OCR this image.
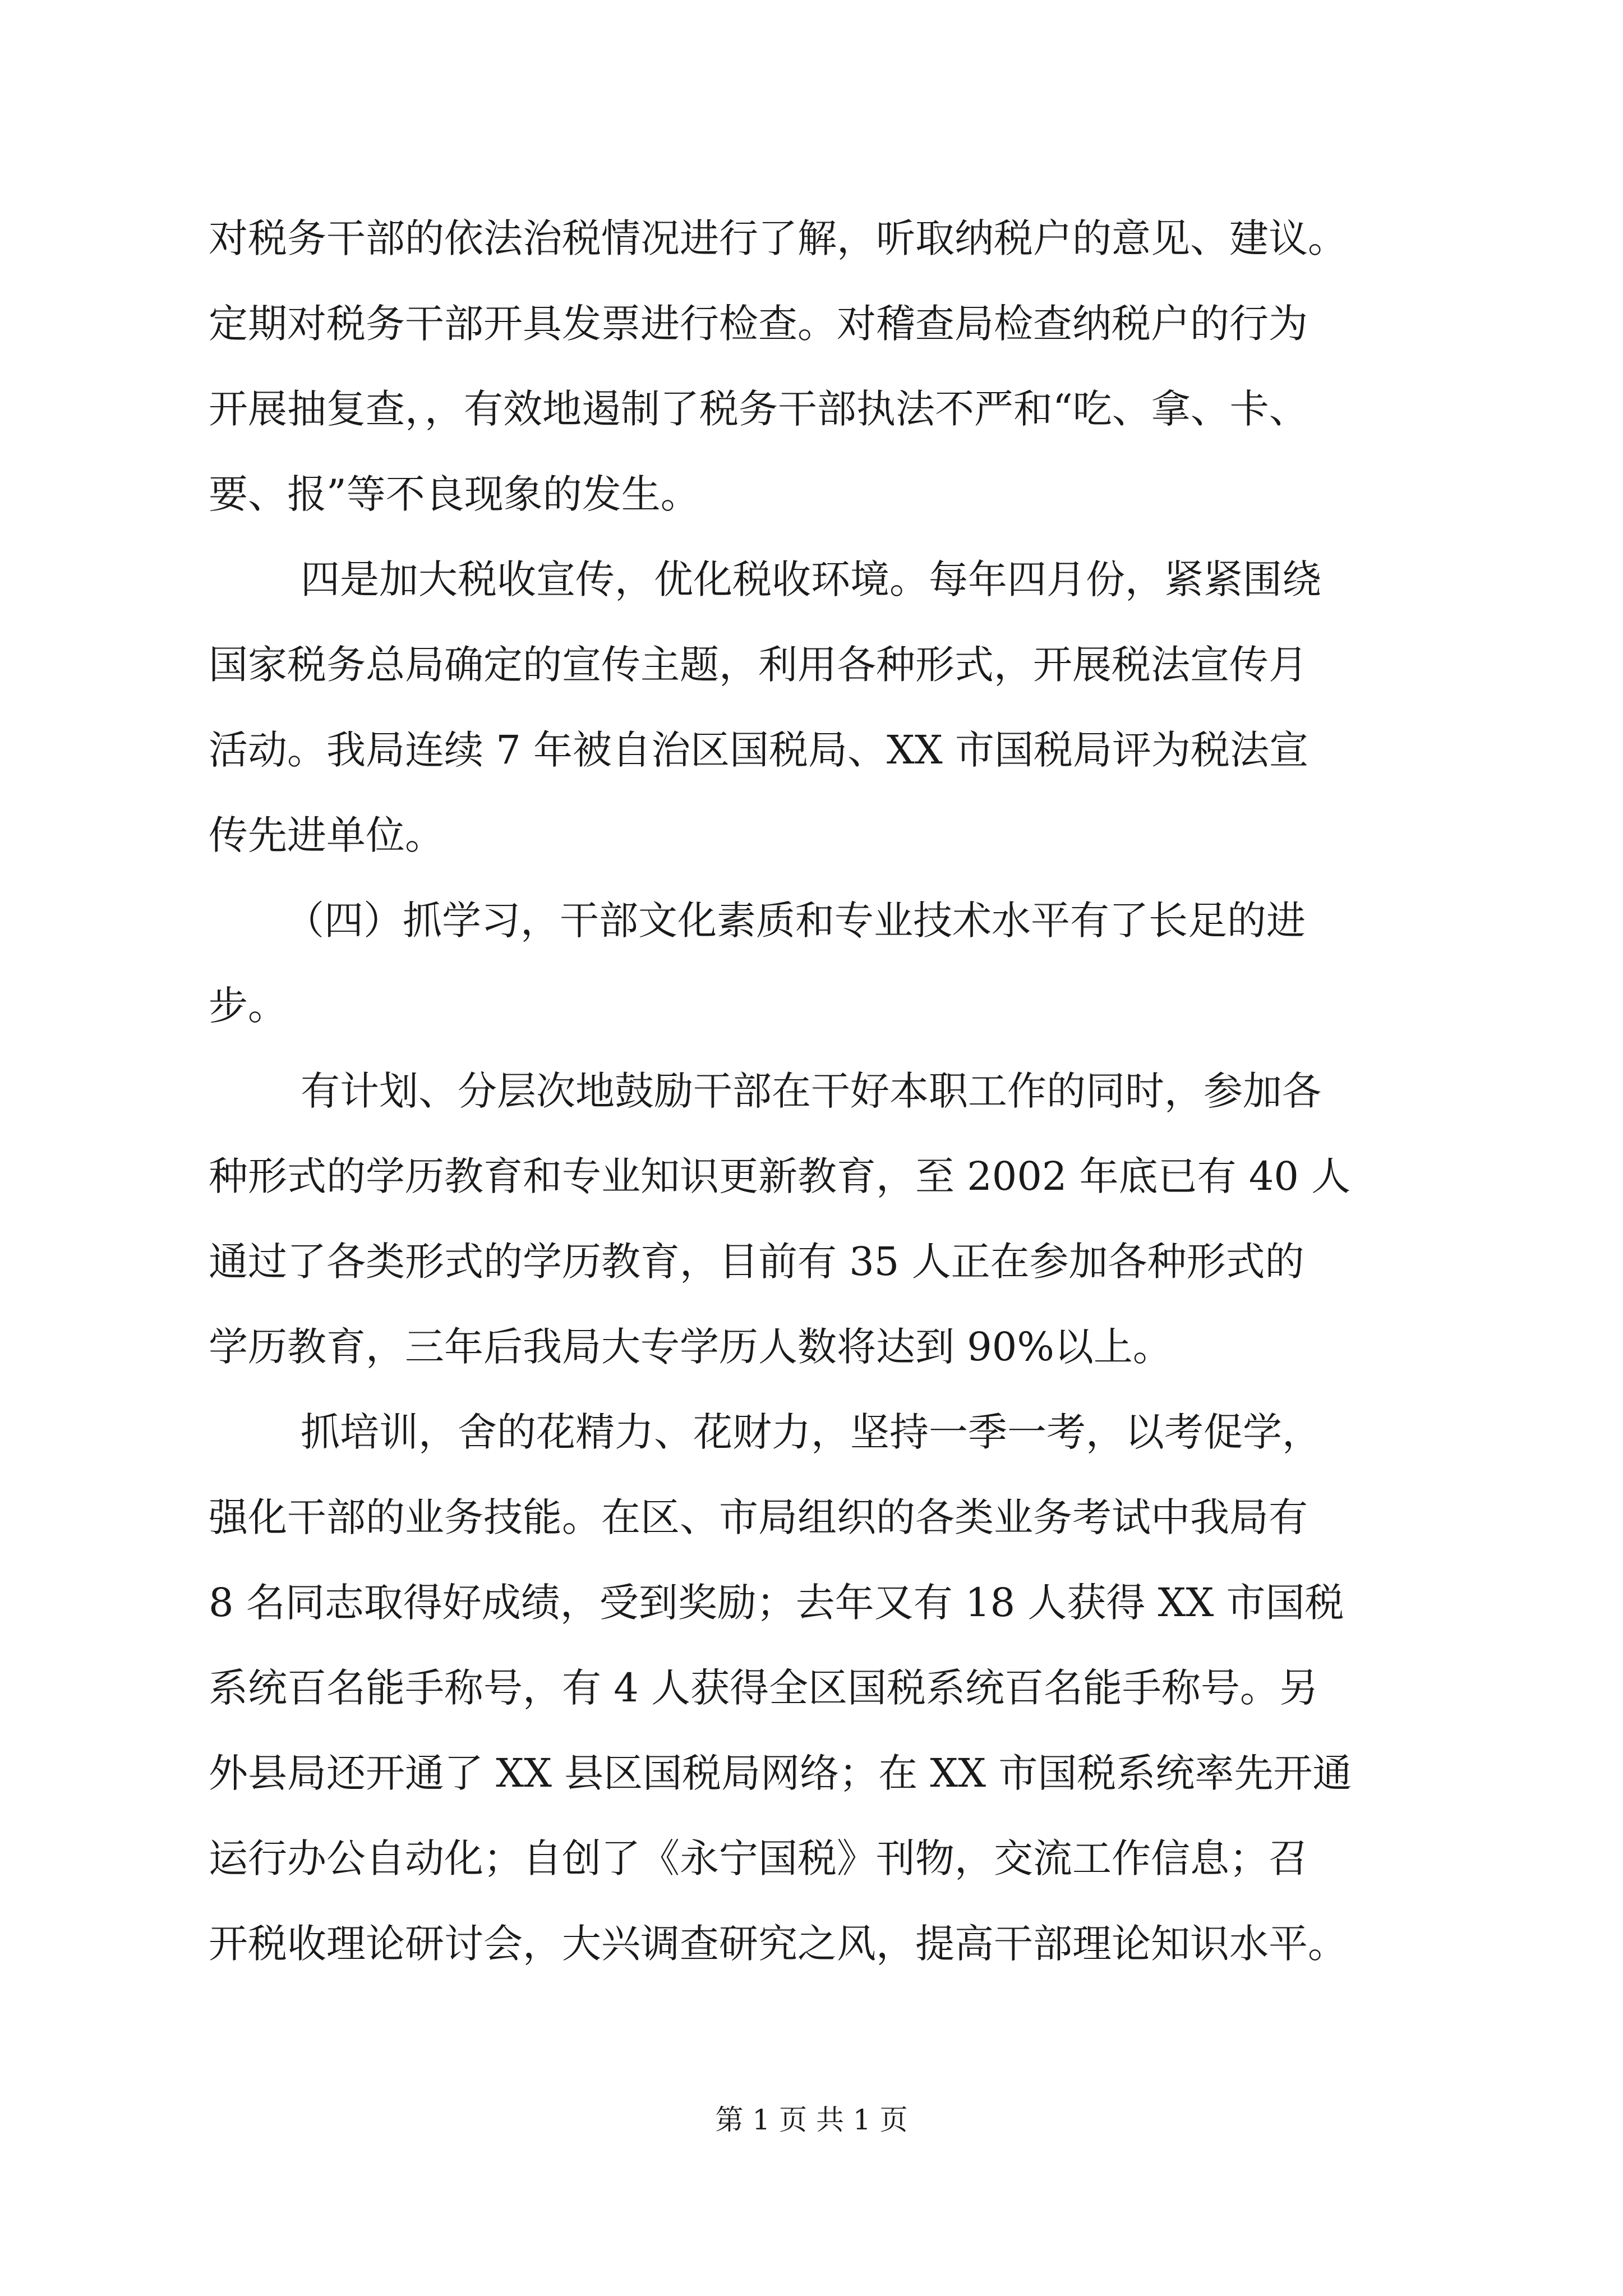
对税务干部的依法治税情况进行了解，听取纳税户的意见、建议。
定期对税务干部开具发票进行检查。对稽查局检查纳税户的行为
开展抽复查，，有效地遏制了税务干部执法不严和“吃、拿、卡、
要、报”等不良现象的发生。
四是加大税收宣传，优化税收环境。每年四月份，紧紧围绕
国家税务总局确定的宣传主题，利用各种形式，开展税法宣传月
活动。我局连续 7 年被自治区国税局、XX 市国税局评为税法宣
传先进单位。
（四）抓学习，干部文化素质和专业技术水平有了长足的进
步。
有计划、分层次地鼓励干部在干好本职工作的同时，参加各
种形式的学历教育和专业知识更新教育，至 2002 年底已有 40 人
通过了各类形式的学历教育，目前有 35 人正在参加各种形式的
学历教育，三年后我局大专学历人数将达到 90%以上。
抓培训，舍的花精力、花财力，坚持一季一考，以考促学，
强化干部的业务技能。在区、市局组织的各类业务考试中我局有
8 名同志取得好成绩，受到奖励；去年又有 18 人获得 XX 市国税
系统百名能手称号，有 4 人获得全区国税系统百名能手称号。另
外县局还开通了 XX 县区国税局网络；在 XX 市国税系统率先开通
运行办公自动化；自创了《永宁国税》刊物，交流工作信息；召
开税收理论研讨会，大兴调查研究之风，提高干部理论知识水平。
第 1 页 共 1 页
